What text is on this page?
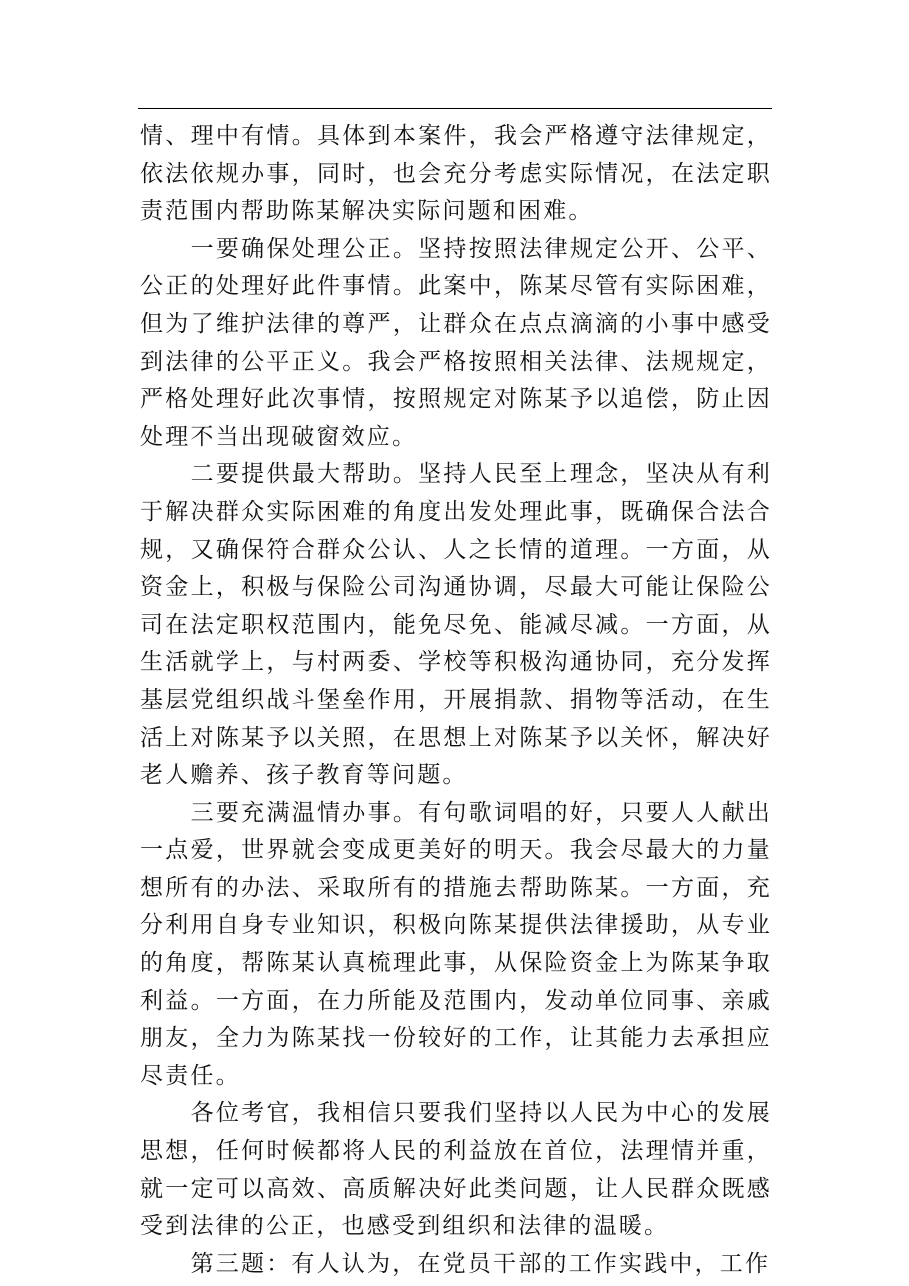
情、理中有情。具体到本案件，我会严格遵守法律规定，依法依规办事，同时，也会充分考虑实际情况，在法定职责范围内帮助陈某解决实际问题和困难。

一要确保处理公正。坚持按照法律规定公开、公平、公正的处理好此件事情。此案中，陈某尽管有实际困难，但为了维护法律的尊严，让群众在点点滴滴的小事中感受到法律的公平正义。我会严格按照相关法律、法规规定，严格处理好此次事情，按照规定对陈某予以追偿，防止因处理不当出现破窗效应。

二要提供最大帮助。坚持人民至上理念，坚决从有利于解决群众实际困难的角度出发处理此事，既确保合法合规，又确保符合群众公认、人之长情的道理。一方面，从资金上，积极与保险公司沟通协调，尽最大可能让保险公司在法定职权范围内，能免尽免、能减尽减。一方面，从生活就学上，与村两委、学校等积极沟通协同，充分发挥基层党组织战斗堡垒作用，开展捐款、捐物等活动，在生活上对陈某予以关照，在思想上对陈某予以关怀，解决好老人赡养、孩子教育等问题。

三要充满温情办事。有句歌词唱的好，只要人人献出一点爱，世界就会变成更美好的明天。我会尽最大的力量想所有的办法、采取所有的措施去帮助陈某。一方面，充分利用自身专业知识，积极向陈某提供法律援助，从专业的角度，帮陈某认真梳理此事，从保险资金上为陈某争取利益。一方面，在力所能及范围内，发动单位同事、亲戚朋友，全力为陈某找一份较好的工作，让其能力去承担应尽责任。

各位考官，我相信只要我们坚持以人民为中心的发展思想，任何时候都将人民的利益放在首位，法理情并重，就一定可以高效、高质解决好此类问题，让人民群众既感受到法律的公正，也感受到组织和法律的温暖。

第三题：有人认为，在党员干部的工作实践中，工作
